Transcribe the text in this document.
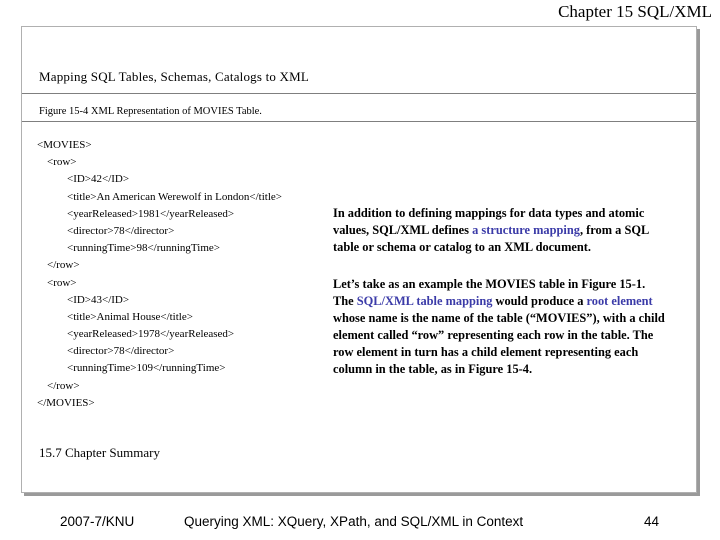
Chapter 15 SQL/XML
Mapping SQL Tables, Schemas, Catalogs to XML
Figure 15-4 XML Representation of MOVIES Table.
<MOVIES>
<row>
<ID>42</ID>
<title>An American Werewolf in London</title>
<yearReleased>1981</yearReleased>
<director>78</director>
<runningTime>98</runningTime>
</row>
<row>
<ID>43</ID>
<title>Animal House</title>
<yearReleased>1978</yearReleased>
<director>78</director>
<runningTime>109</runningTime>
</row>
</MOVIES>

In addition to defining mappings for data types and atomic values, SQL/XML defines a structure mapping, from a SQL table or schema or catalog to an XML document.

Let’s take as an example the MOVIES table in Figure 15-1. The SQL/XML table mapping would produce a root element whose name is the name of the table (“MOVIES”), with a child element called “row” representing each row in the table. The row element in turn has a child element representing each column in the table, as in Figure 15-4.

15.7 Chapter Summary
2007-7/KNU	Querying XML: XQuery, XPath, and SQL/XML in Context	44
